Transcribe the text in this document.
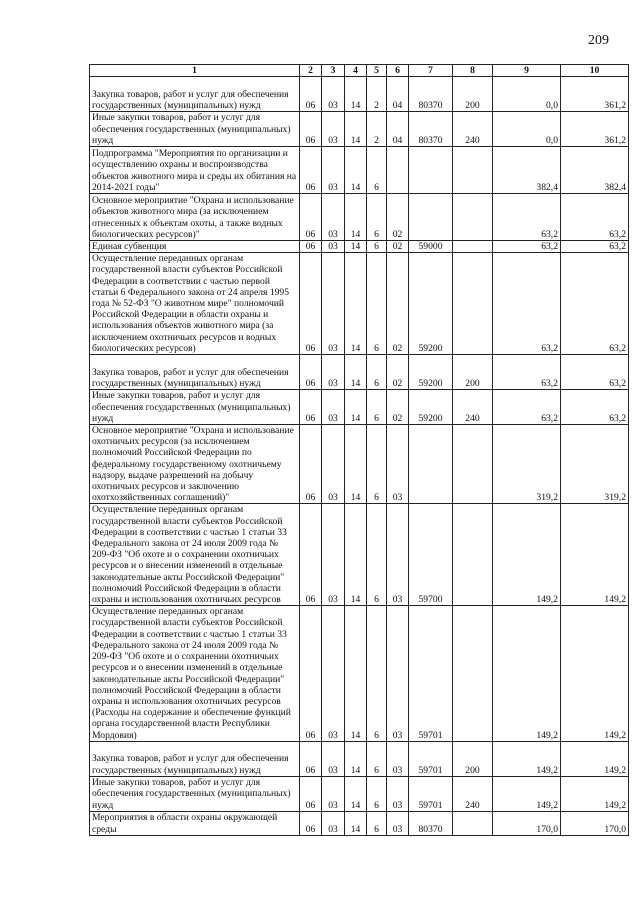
209
1	2	3	4	5	6	7	8	9	10
Закупка товаров, работ и услуг для обеспечения государственных (муниципальных) нужд	06	03	14	2	04	80370	200	0,0	361,2
Иные закупки товаров, работ и услуг для обеспечения государственных (муниципальных) нужд	06	03	14	2	04	80370	240	0,0	361,2
Подпрограмма "Мероприятия по организации и осуществлению охраны и воспроизводства объектов животного мира и среды их обитания на 2014-2021 годы"	06	03	14	6				382,4	382,4
Основное мероприятие "Охрана и использование объектов животного мира (за исключением отнесенных к объектам охоты, а также водных биологических ресурсов)"	06	03	14	6	02			63,2	63,2
Единая субвенция	06	03	14	6	02	59000		63,2	63,2
Осуществление переданных органам государственной власти субъектов Российской Федерации в соответствии с частью первой статьи 6 Федерального закона от 24 апреля 1995 года № 52-ФЗ "О животном мире" полномочий Российской Федерации в области охраны и использования объектов животного мира (за исключением охотничьих ресурсов и водных биологических ресурсов)	06	03	14	6	02	59200		63,2	63,2
Закупка товаров, работ и услуг для обеспечения государственных (муниципальных) нужд	06	03	14	6	02	59200	200	63,2	63,2
Иные закупки товаров, работ и услуг для обеспечения государственных (муниципальных) нужд	06	03	14	6	02	59200	240	63,2	63,2
Основное мероприятие "Охрана и использование охотничьих ресурсов (за исключением полномочий Российской Федерации по федеральному государственному охотничьему надзору, выдаче разрешений на добычу охотничьих ресурсов и заключению охотхозяйственных соглашений)"	06	03	14	6	03			319,2	319,2
Осуществление переданных органам государственной власти субъектов Российской Федерации в соответствии с частью 1 статьи 33 Федерального закона от 24 июля 2009 года № 209-ФЗ "Об охоте и о сохранении охотничьих ресурсов и о внесении изменений в отдельные законодательные акты Российской Федерации" полномочий Российской Федерации в области охраны и использования охотничьих ресурсов	06	03	14	6	03	59700		149,2	149,2
Осуществление переданных органам государственной власти субъектов Российской Федерации в соответствии с частью 1 статьи 33 Федерального закона от 24 июля 2009 года № 209-ФЗ "Об охоте и о сохранении охотничьих ресурсов и о внесении изменений в отдельные законодательные акты Российской Федерации" полномочий Российской Федерации в области охраны и использования охотничьих ресурсов (Расходы на содержание и обеспечение функций органа государственной власти Республики Мордовия)	06	03	14	6	03	59701		149,2	149,2
Закупка товаров, работ и услуг для обеспечения государственных (муниципальных) нужд	06	03	14	6	03	59701	200	149,2	149,2
Иные закупки товаров, работ и услуг для обеспечения государственных (муниципальных) нужд	06	03	14	6	03	59701	240	149,2	149,2
Мероприятия в области охраны окружающей среды	06	03	14	6	03	80370		170,0	170,0
